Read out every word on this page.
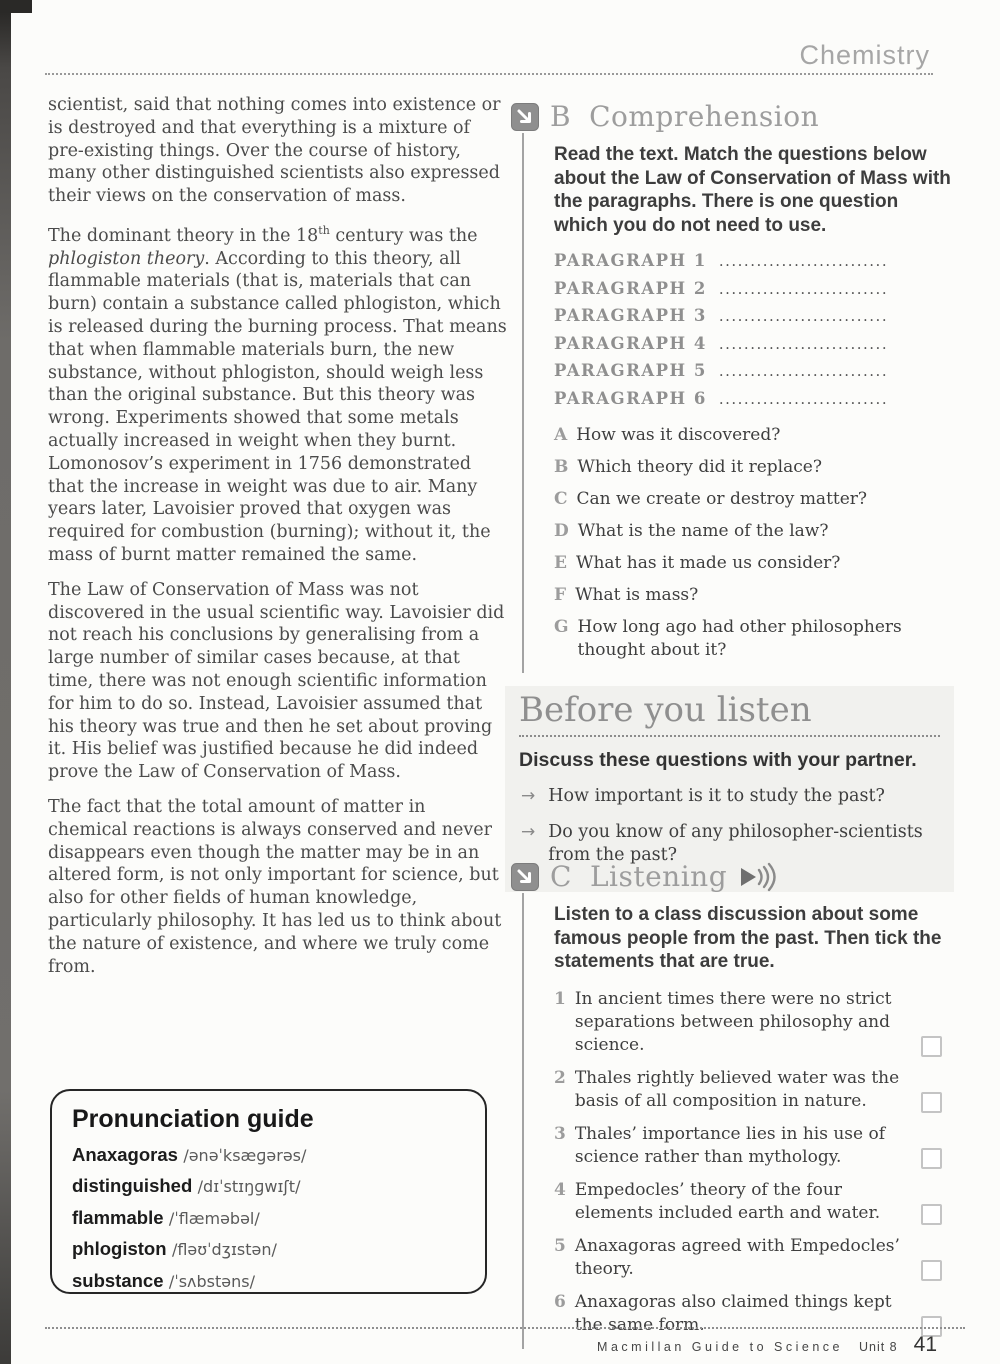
Chemistry

scientist, said that nothing comes into existence or is destroyed and that everything is a mixture of pre-existing things. Over the course of history, many other distinguished scientists also expressed their views on the conservation of mass.

The dominant theory in the 18th century was the phlogiston theory. According to this theory, all flammable materials (that is, materials that can burn) contain a substance called phlogiston, which is released during the burning process. That means that when flammable materials burn, the new substance, without phlogiston, should weigh less than the original substance. But this theory was wrong. Experiments showed that some metals actually increased in weight when they burnt. Lomonosov’s experiment in 1756 demonstrated that the increase in weight was due to air. Many years later, Lavoisier proved that oxygen was required for combustion (burning); without it, the mass of burnt matter remained the same.

The Law of Conservation of Mass was not discovered in the usual scientific way. Lavoisier did not reach his conclusions by generalising from a large number of similar cases because, at that time, there was not enough scientific information for him to do so. Instead, Lavoisier assumed that his theory was true and then he set about proving it. His belief was justified because he did indeed prove the Law of Conservation of Mass.

The fact that the total amount of matter in chemical reactions is always conserved and never disappears even though the matter may be in an altered form, is not only important for science, but also for other fields of human knowledge, particularly philosophy. It has led us to think about the nature of existence, and where we truly come from.

Pronunciation guide
Anaxagoras /ənəˈksæɡərəs/
distinguished /dɪˈstɪŋɡwɪʃt/
flammable /ˈflæməbəl/
phlogiston /fləʊˈdʒɪstən/
substance /ˈsʌbstəns/
B Comprehension
Read the text. Match the questions below about the Law of Conservation of Mass with the paragraphs. There is one question which you do not need to use.
PARAGRAPH 1 ...........................
PARAGRAPH 2 ...........................
PARAGRAPH 3 ...........................
PARAGRAPH 4 ...........................
PARAGRAPH 5 ...........................
PARAGRAPH 6 ...........................
A How was it discovered?
B Which theory did it replace?
C Can we create or destroy matter?
D What is the name of the law?
E What has it made us consider?
F What is mass?
G How long ago had other philosophers thought about it?
Before you listen
Discuss these questions with your partner.
→ How important is it to study the past?
→ Do you know of any philosopher-scientists from the past?
C Listening
Listen to a class discussion about some famous people from the past. Then tick the statements that are true.
1 In ancient times there were no strict separations between philosophy and science.
2 Thales rightly believed water was the basis of all composition in nature.
3 Thales’ importance lies in his use of science rather than mythology.
4 Empedocles’ theory of the four elements included earth and water.
5 Anaxagoras agreed with Empedocles’ theory.
6 Anaxagoras also claimed things kept the same form.
Macmillan Guide to Science Unit 8 41
